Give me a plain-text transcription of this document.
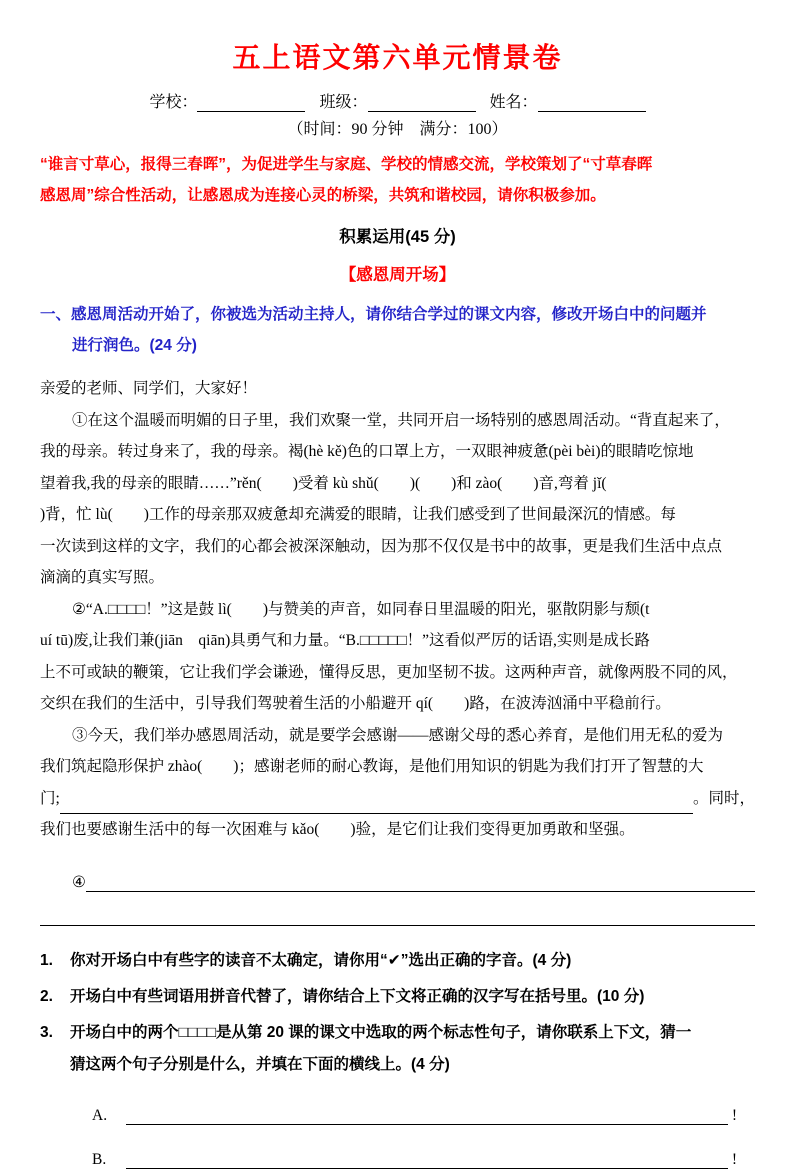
五上语文第六单元情景卷
学校：	班级：	姓名：
（时间：90 分钟　满分：100）
“谁言寸草心，报得三春晖”，为促进学生与家庭、学校的情感交流，学校策划了“寸草春晖
感恩周”综合性活动，让感恩成为连接心灵的桥梁，共筑和谐校园，请你积极参加。
积累运用(45 分)
【感恩周开场】
一、感恩周活动开始了，你被选为活动主持人，请你结合学过的课文内容，修改开场白中的问题并
进行润色。(24 分)
亲爱的老师、同学们，大家好！
①在这个温暖而明媚的日子里，我们欢聚一堂，共同开启一场特别的感恩周活动。“背直起来了，
我的母亲。转过身来了，我的母亲。褐(hè kě)色的口罩上方，一双眼神疲惫(pèi bèi)的眼睛吃惊地
望着我,我的母亲的眼睛……”rěn(　　)受着 kù shǔ(　　)(　　)和 zào(　　)音,弯着 jǐ(
)背，忙 lù(　　)工作的母亲那双疲惫却充满爱的眼睛，让我们感受到了世间最深沉的情感。每
一次读到这样的文字，我们的心都会被深深触动，因为那不仅仅是书中的故事，更是我们生活中点点
滴滴的真实写照。
②“A.□□□□！”这是鼓 lì(　　)与赞美的声音，如同春日里温暖的阳光，驱散阴影与颓(t
uí tū)废,让我们兼(jiān　qiān)具勇气和力量。“B.□□□□□！”这看似严厉的话语,实则是成长路
上不可或缺的鞭策，它让我们学会谦逊，懂得反思，更加坚韧不拔。这两种声音，就像两股不同的风，
交织在我们的生活中，引导我们驾驶着生活的小船避开 qí(　　)路，在波涛汹涌中平稳前行。
③今天，我们举办感恩周活动，就是要学会感谢——感谢父母的悉心养育，是他们用无私的爱为
我们筑起隐形保护 zhào(　　)；感谢老师的耐心教诲，是他们用知识的钥匙为我们打开了智慧的大
门;	。同时，
我们也要感谢生活中的每一次困难与 kǎo(　　)验，是它们让我们变得更加勇敢和坚强。
④
1.	你对开场白中有些字的读音不太确定，请你用“✔”选出正确的字音。(4 分)
2.	开场白中有些词语用拼音代替了，请你结合上下文将正确的汉字写在括号里。(10 分)
3.	开场白中的两个□□□□是从第 20 课的课文中选取的两个标志性句子，请你联系上下文，猜一
猜这两个句子分别是什么，并填在下面的横线上。(4 分)
A.	!
B.	!
